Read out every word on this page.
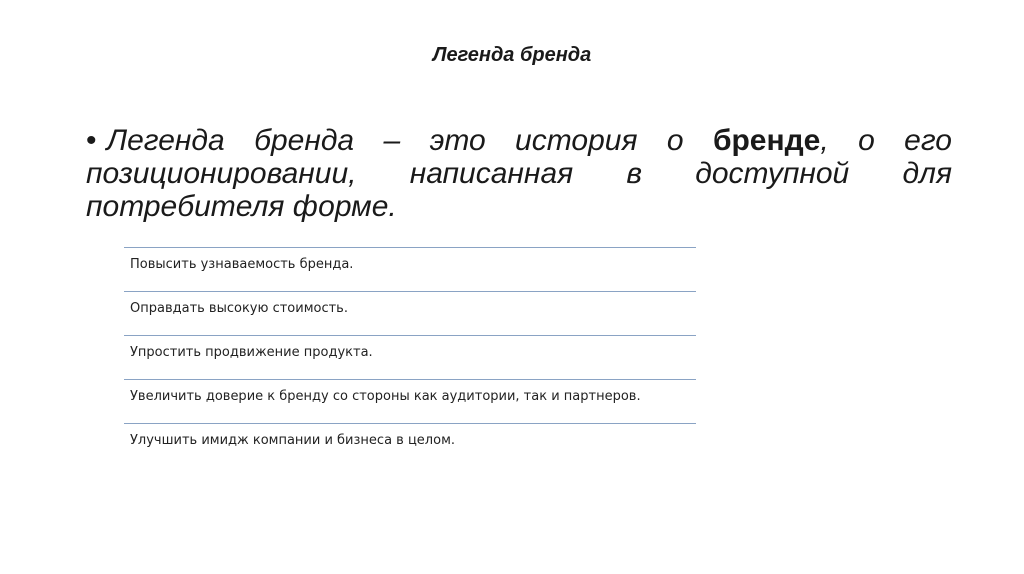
Легенда бренда
• Легенда бренда – это история о бренде, о его позиционировании, написанная в доступной для потребителя форме.
Повысить узнаваемость бренда.
Оправдать высокую стоимость.
Упростить продвижение продукта.
Увеличить доверие к бренду со стороны как аудитории, так и партнеров.
Улучшить имидж компании и бизнеса в целом.
